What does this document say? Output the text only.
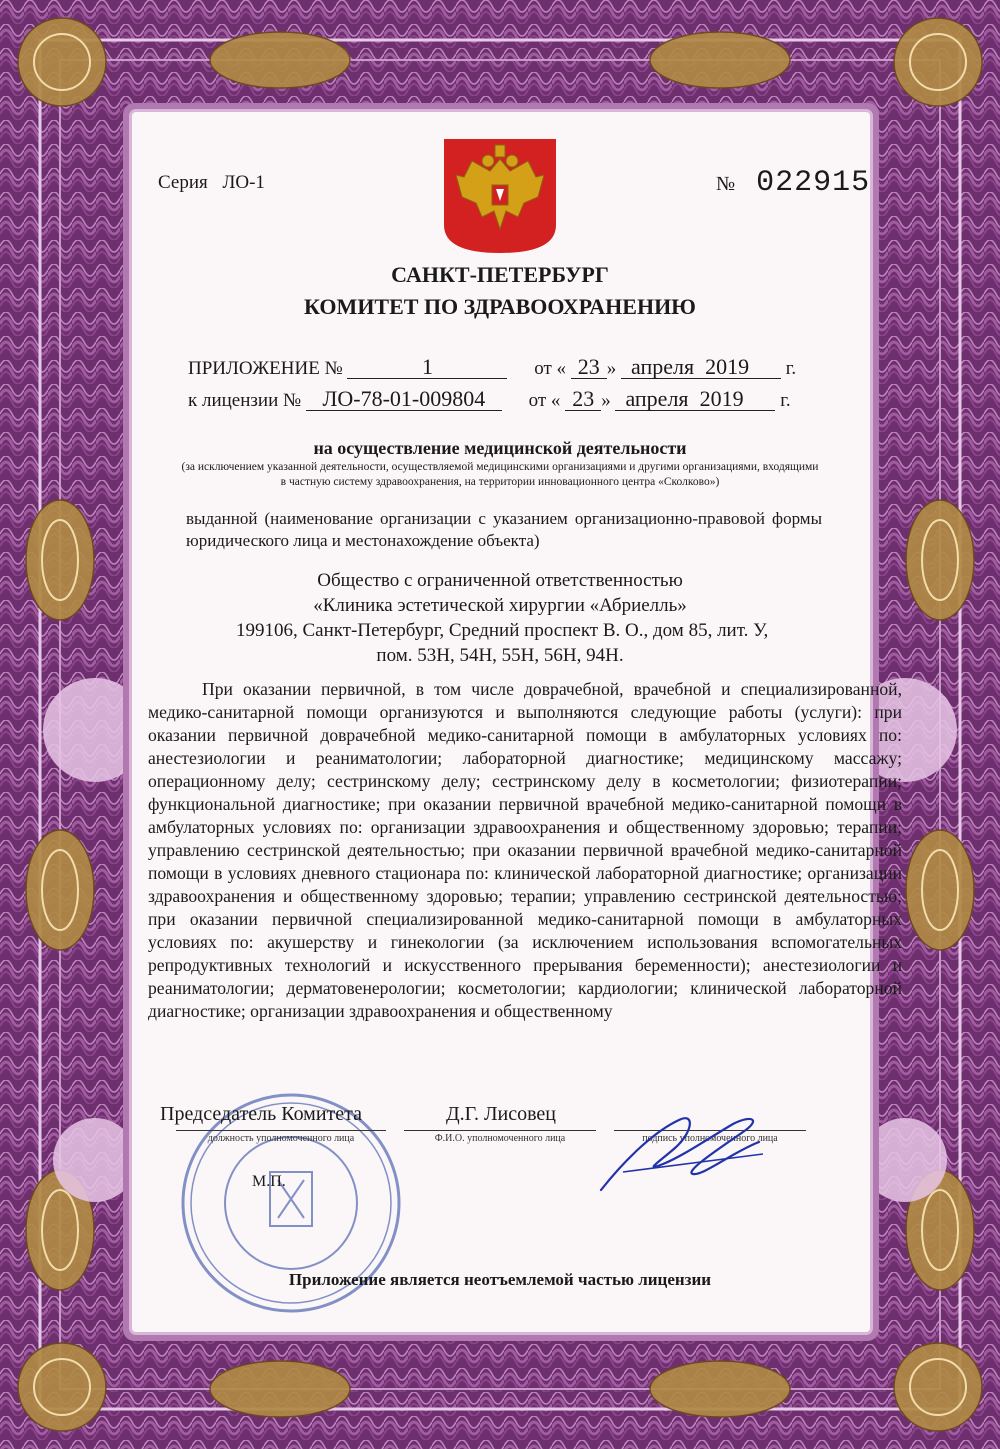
Серия ЛО-1	№ 022915
САНКТ-ПЕТЕРБУРГ
КОМИТЕТ ПО ЗДРАВООХРАНЕНИЮ
ПРИЛОЖЕНИЕ №	1	от « 23 » апреля 2019 г.
к лицензии № ЛО-78-01-009804 от « 23 » апреля 2019 г.
на осуществление медицинской деятельности
(за исключением указанной деятельности, осуществляемой медицинскими организациями и другими организациями, входящими в частную систему здравоохранения, на территории инновационного центра «Сколково»)
выданной (наименование организации с указанием организационно-правовой формы юридического лица и местонахождение объекта)
Общество с ограниченной ответственностью
«Клиника эстетической хирургии «Абриелль»
199106, Санкт-Петербург, Средний проспект В. О., дом 85, лит. У,
пом. 53Н, 54Н, 55Н, 56Н, 94Н.
При оказании первичной, в том числе доврачебной, врачебной и специализированной, медико-санитарной помощи организуются и выполняются следующие работы (услуги): при оказании первичной доврачебной медико-санитарной помощи в амбулаторных условиях по: анестезиологии и реаниматологии; лабораторной диагностике; медицинскому массажу; операционному делу; сестринскому делу; сестринскому делу в косметологии; физиотерапии; функциональной диагностике; при оказании первичной врачебной медико-санитарной помощи в амбулаторных условиях по: организации здравоохранения и общественному здоровью; терапии; управлению сестринской деятельностью; при оказании первичной врачебной медико-санитарной помощи в условиях дневного стационара по: клинической лабораторной диагностике; организации здравоохранения и общественному здоровью; терапии; управлению сестринской деятельностью; при оказании первичной специализированной медико-санитарной помощи в амбулаторных условиях по: акушерству и гинекологии (за исключением использования вспомогательных репродуктивных технологий и искусственного прерывания беременности); анестезиологии и реаниматологии; дерматовенерологии; косметологии; кардиологии; клинической лабораторной диагностике; организации здравоохранения и общественному
Председатель Комитета	Д.Г. Лисовец
должность уполномоченного лица	Ф.И.О. уполномоченного лица	подпись уполномоченного лица
М.П.
Приложение является неотъемлемой частью лицензии
